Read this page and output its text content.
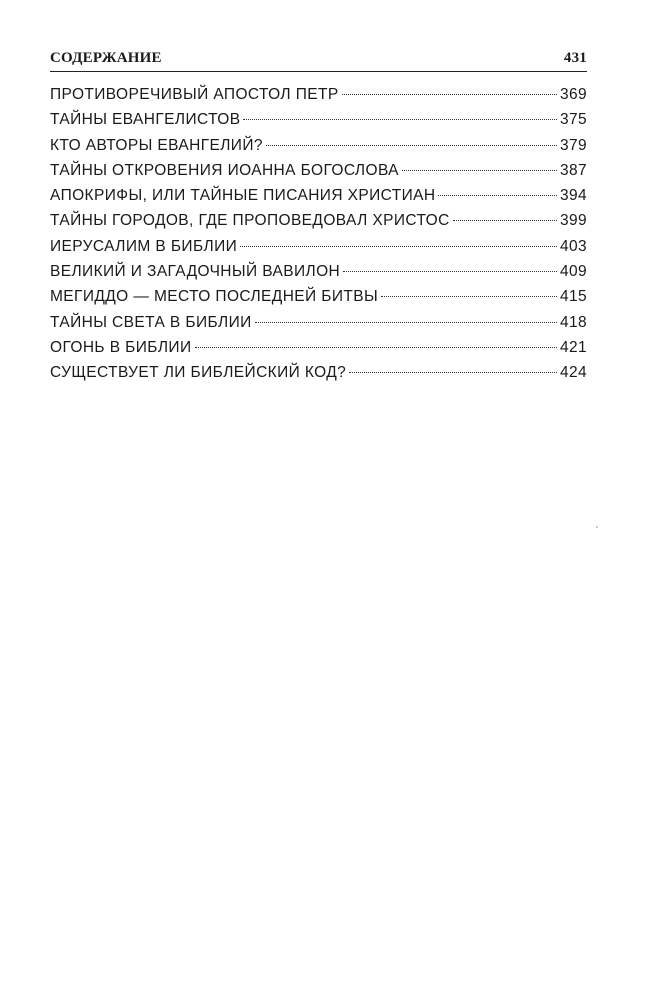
СОДЕРЖАНИЕ	431
ПРОТИВОРЕЧИВЫЙ АПОСТОЛ ПЕТР	369
ТАЙНЫ ЕВАНГЕЛИСТОВ	375
КТО АВТОРЫ ЕВАНГЕЛИЙ?	379
ТАЙНЫ ОТКРОВЕНИЯ ИОАННА БОГОСЛОВА	387
АПОКРИФЫ, ИЛИ ТАЙНЫЕ ПИСАНИЯ ХРИСТИАН	394
ТАЙНЫ ГОРОДОВ, ГДЕ ПРОПОВЕДОВАЛ ХРИСТОС	399
ИЕРУСАЛИМ В БИБЛИИ	403
ВЕЛИКИЙ И ЗАГАДОЧНЫЙ ВАВИЛОН	409
МЕГИДДО — МЕСТО ПОСЛЕДНЕЙ БИТВЫ	415
ТАЙНЫ СВЕТА В БИБЛИИ	418
ОГОНЬ В БИБЛИИ	421
СУЩЕСТВУЕТ ЛИ БИБЛЕЙСКИЙ КОД?	424
